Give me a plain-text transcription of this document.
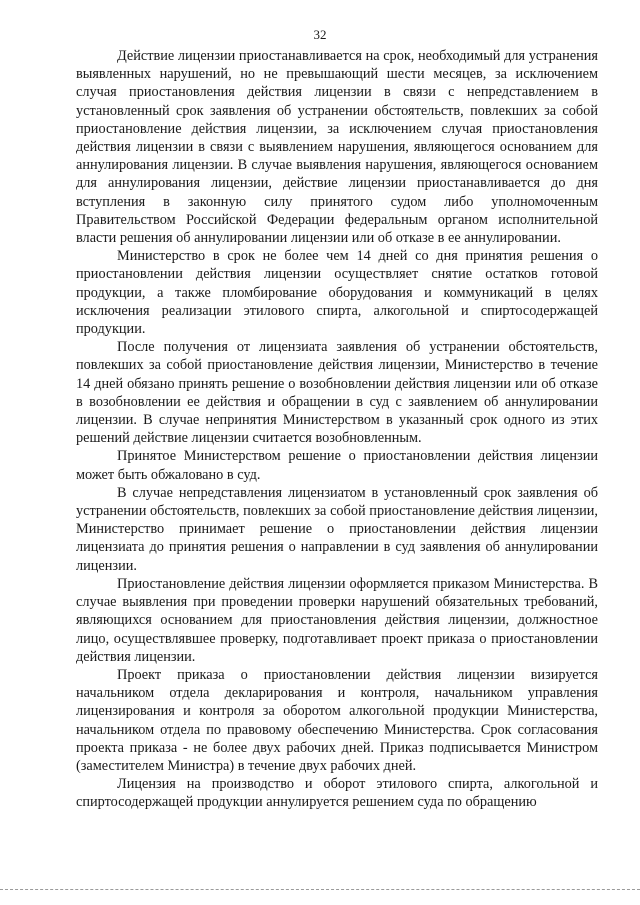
32

Действие лицензии приостанавливается на срок, необходимый для устранения выявленных нарушений, но не превышающий шести месяцев, за исключением случая приостановления действия лицензии в связи с непредставлением в установленный срок заявления об устранении обстоятельств, повлекших за собой приостановление действия лицензии, за исключением случая приостановления действия лицензии в связи с выявлением нарушения, являющегося основанием для аннулирования лицензии. В случае выявления нарушения, являющегося основанием для аннулирования лицензии, действие лицензии приостанавливается до дня вступления в законную силу принятого судом либо уполномоченным Правительством Российской Федерации федеральным органом исполнительной власти решения об аннулировании лицензии или об отказе в ее аннулировании.

Министерство в срок не более чем 14 дней со дня принятия решения о приостановлении действия лицензии осуществляет снятие остатков готовой продукции, а также пломбирование оборудования и коммуникаций в целях исключения реализации этилового спирта, алкогольной и спиртосодержащей продукции.

После получения от лицензиата заявления об устранении обстоятельств, повлекших за собой приостановление действия лицензии, Министерство в течение 14 дней обязано принять решение о возобновлении действия лицензии или об отказе в возобновлении ее действия и обращении в суд с заявлением об аннулировании лицензии. В случае непринятия Министерством в указанный срок одного из этих решений действие лицензии считается возобновленным.

Принятое Министерством решение о приостановлении действия лицензии может быть обжаловано в суд.

В случае непредставления лицензиатом в установленный срок заявления об устранении обстоятельств, повлекших за собой приостановление действия лицензии, Министерство принимает решение о приостановлении действия лицензии лицензиата до принятия решения о направлении в суд заявления об аннулировании лицензии.

Приостановление действия лицензии оформляется приказом Министерства. В случае выявления при проведении проверки нарушений обязательных требований, являющихся основанием для приостановления действия лицензии, должностное лицо, осуществлявшее проверку, подготавливает проект приказа о приостановлении действия лицензии.

Проект приказа о приостановлении действия лицензии визируется начальником отдела декларирования и контроля, начальником управления лицензирования и контроля за оборотом алкогольной продукции Министерства, начальником отдела по правовому обеспечению Министерства. Срок согласования проекта приказа - не более двух рабочих дней. Приказ подписывается Министром (заместителем Министра) в течение двух рабочих дней.

Лицензия на производство и оборот этилового спирта, алкогольной и спиртосодержащей продукции аннулируется решением суда по обращению
